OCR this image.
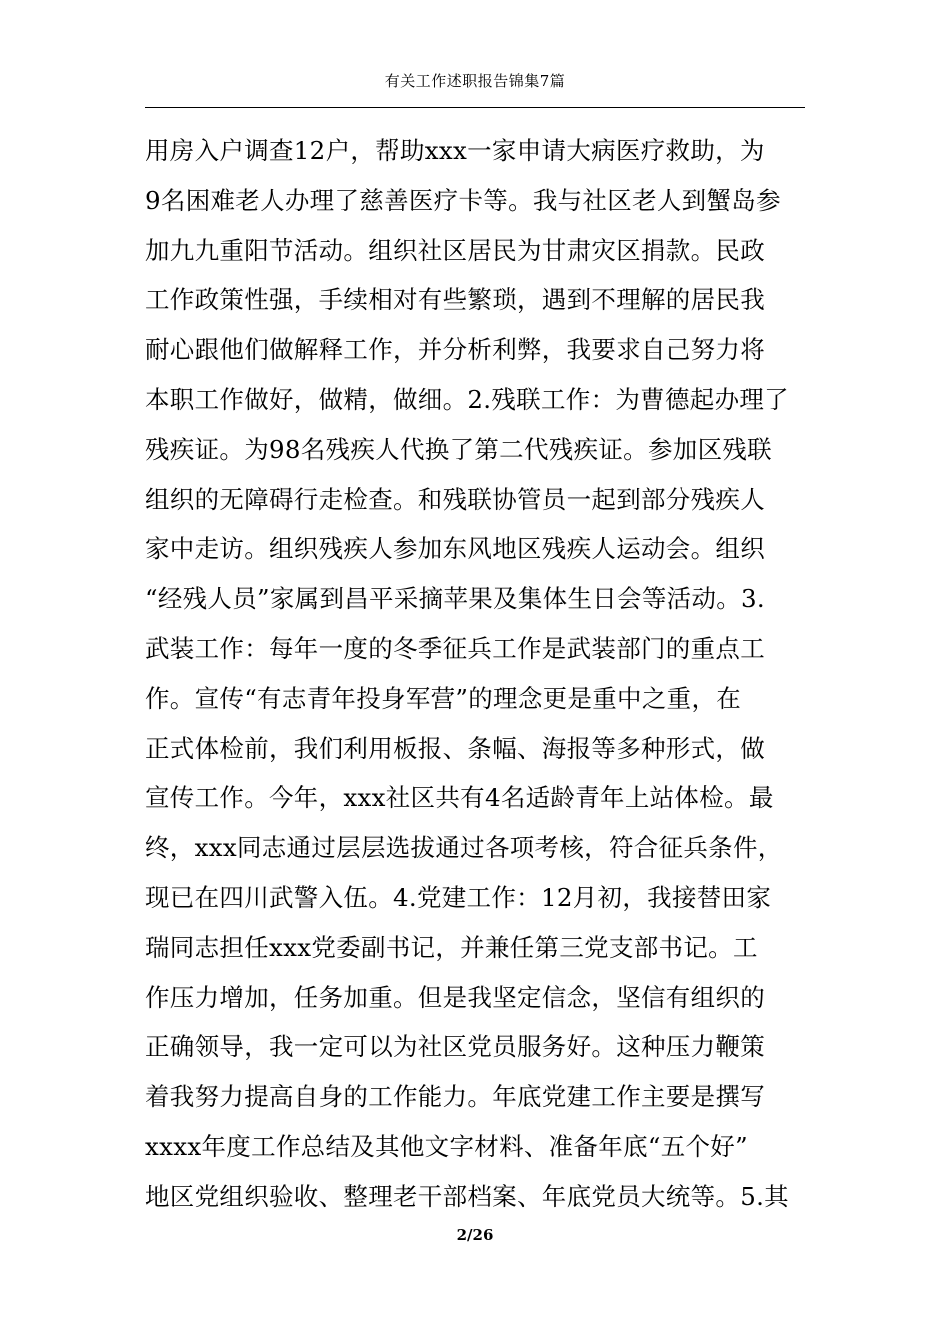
有关工作述职报告锦集7篇
用房入户调查12户，帮助xxx一家申请大病医疗救助，为
9名困难老人办理了慈善医疗卡等。我与社区老人到蟹岛参
加九九重阳节活动。组织社区居民为甘肃灾区捐款。民政
工作政策性强，手续相对有些繁琐，遇到不理解的居民我
耐心跟他们做解释工作，并分析利弊，我要求自己努力将
本职工作做好，做精，做细。2.残联工作：为曹德起办理了
残疾证。为98名残疾人代换了第二代残疾证。参加区残联
组织的无障碍行走检查。和残联协管员一起到部分残疾人
家中走访。组织残疾人参加东风地区残疾人运动会。组织
“经残人员”家属到昌平采摘苹果及集体生日会等活动。3.
武装工作：每年一度的冬季征兵工作是武装部门的重点工
作。宣传“有志青年投身军营”的理念更是重中之重，在
正式体检前，我们利用板报、条幅、海报等多种形式，做
宣传工作。今年，xxx社区共有4名适龄青年上站体检。最
终，xxx同志通过层层选拔通过各项考核，符合征兵条件，
现已在四川武警入伍。4.党建工作：12月初，我接替田家
瑞同志担任xxx党委副书记，并兼任第三党支部书记。工
作压力增加，任务加重。但是我坚定信念，坚信有组织的
正确领导，我一定可以为社区党员服务好。这种压力鞭策
着我努力提高自身的工作能力。年底党建工作主要是撰写
xxxx年度工作总结及其他文字材料、准备年底“五个好”
地区党组织验收、整理老干部档案、年底党员大统等。5.其
2/26
